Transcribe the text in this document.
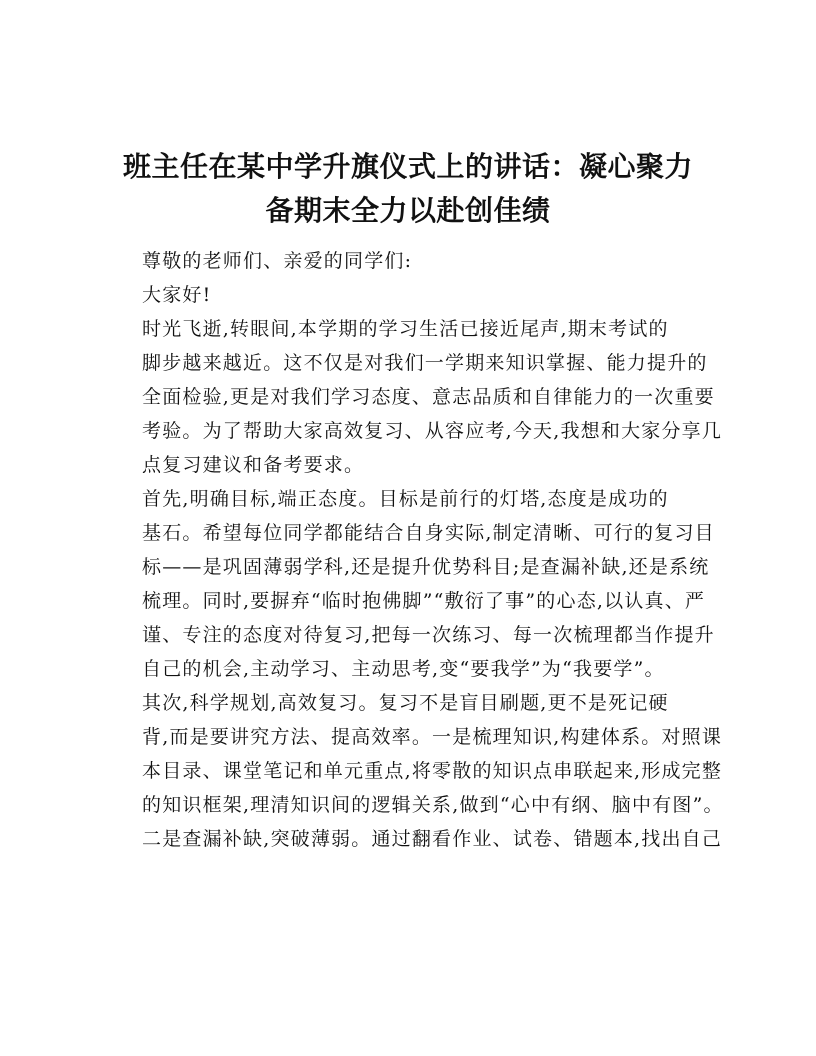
班主任在某中学升旗仪式上的讲话：凝心聚力
备期末全力以赴创佳绩

尊敬的老师们、亲爱的同学们:

大家好!

时光飞逝,转眼间,本学期的学习生活已接近尾声,期末考试的
脚步越来越近。这不仅是对我们一学期来知识掌握、能力提升的
全面检验,更是对我们学习态度、意志品质和自律能力的一次重要
考验。为了帮助大家高效复习、从容应考,今天,我想和大家分享几
点复习建议和备考要求。

首先,明确目标,端正态度。目标是前行的灯塔,态度是成功的
基石。希望每位同学都能结合自身实际,制定清晰、可行的复习目
标——是巩固薄弱学科,还是提升优势科目;是查漏补缺,还是系统
梳理。同时,要摒弃“临时抱佛脚”“敷衍了事”的心态,以认真、严
谨、专注的态度对待复习,把每一次练习、每一次梳理都当作提升
自己的机会,主动学习、主动思考,变“要我学”为“我要学”。

其次,科学规划,高效复习。复习不是盲目刷题,更不是死记硬
背,而是要讲究方法、提高效率。一是梳理知识,构建体系。对照课
本目录、课堂笔记和单元重点,将零散的知识点串联起来,形成完整
的知识框架,理清知识间的逻辑关系,做到“心中有纲、脑中有图”。
二是查漏补缺,突破薄弱。通过翻看作业、试卷、错题本,找出自己
